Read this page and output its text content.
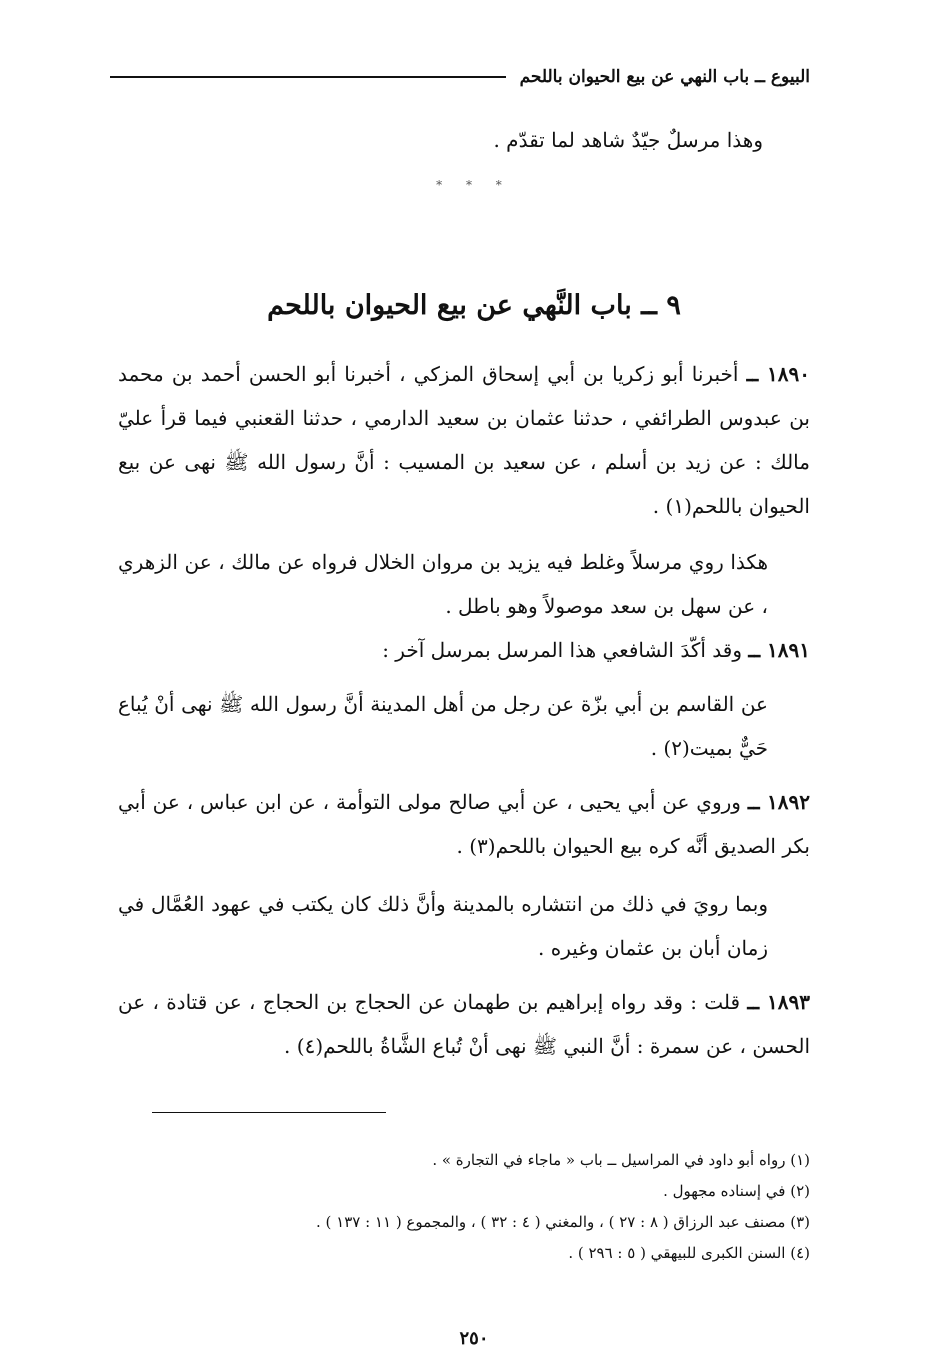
البيوع ــ باب النهي عن بيع الحيوان باللحم
وهذا مرسلٌ جيّدٌ شاهد لما تقدّم .
* * *
٩ ــ باب النَّهي عن بيع الحيوان باللحم
١٨٩٠ ــ أخبرنا أبو زكريا بن أبي إسحاق المزكي ، أخبرنا أبو الحسن أحمد بن محمد بن عبدوس الطرائفي ، حدثنا عثمان بن سعيد الدارمي ، حدثنا القعنبي فيما قرأ عليّ مالك : عن زيد بن أسلم ، عن سعيد بن المسيب : أنَّ رسول الله ﷺ نهى عن بيع الحيوان باللحم(١) .
هكذا روي مرسلاً وغلط فيه يزيد بن مروان الخلال فرواه عن مالك ، عن الزهري ، عن سهل بن سعد موصولاً وهو باطل .
١٨٩١ ــ وقد أكّدَ الشافعي هذا المرسل بمرسل آخر :
عن القاسم بن أبي بزّة عن رجل من أهل المدينة أنَّ رسول الله ﷺ نهى أنْ يُباع حَيٌّ بميت(٢) .
١٨٩٢ ــ وروي عن أبي يحيى ، عن أبي صالح مولى التوأمة ، عن ابن عباس ، عن أبي بكر الصديق أنَّه كره بيع الحيوان باللحم(٣) .
وبما رويَ في ذلك من انتشاره بالمدينة وأنَّ ذلك كان يكتب في عهود العُمَّال في زمان أبان بن عثمان وغيره .
١٨٩٣ ــ قلت : وقد رواه إبراهيم بن طهمان عن الحجاج بن الحجاج ، عن قتادة ، عن الحسن ، عن سمرة : أنَّ النبي ﷺ نهى أنْ تُباع الشَّاةُ باللحم(٤) .
(١) رواه أبو داود في المراسيل ــ باب « ماجاء في التجارة » .
(٢) في إسناده مجهول .
(٣) مصنف عبد الرزاق ( ٨ : ٢٧ ) ، والمغني ( ٤ : ٣٢ ) ، والمجموع ( ١١ : ١٣٧ ) .
(٤) السنن الكبرى للبيهقي ( ٥ : ٢٩٦ ) .
٢٥٠
